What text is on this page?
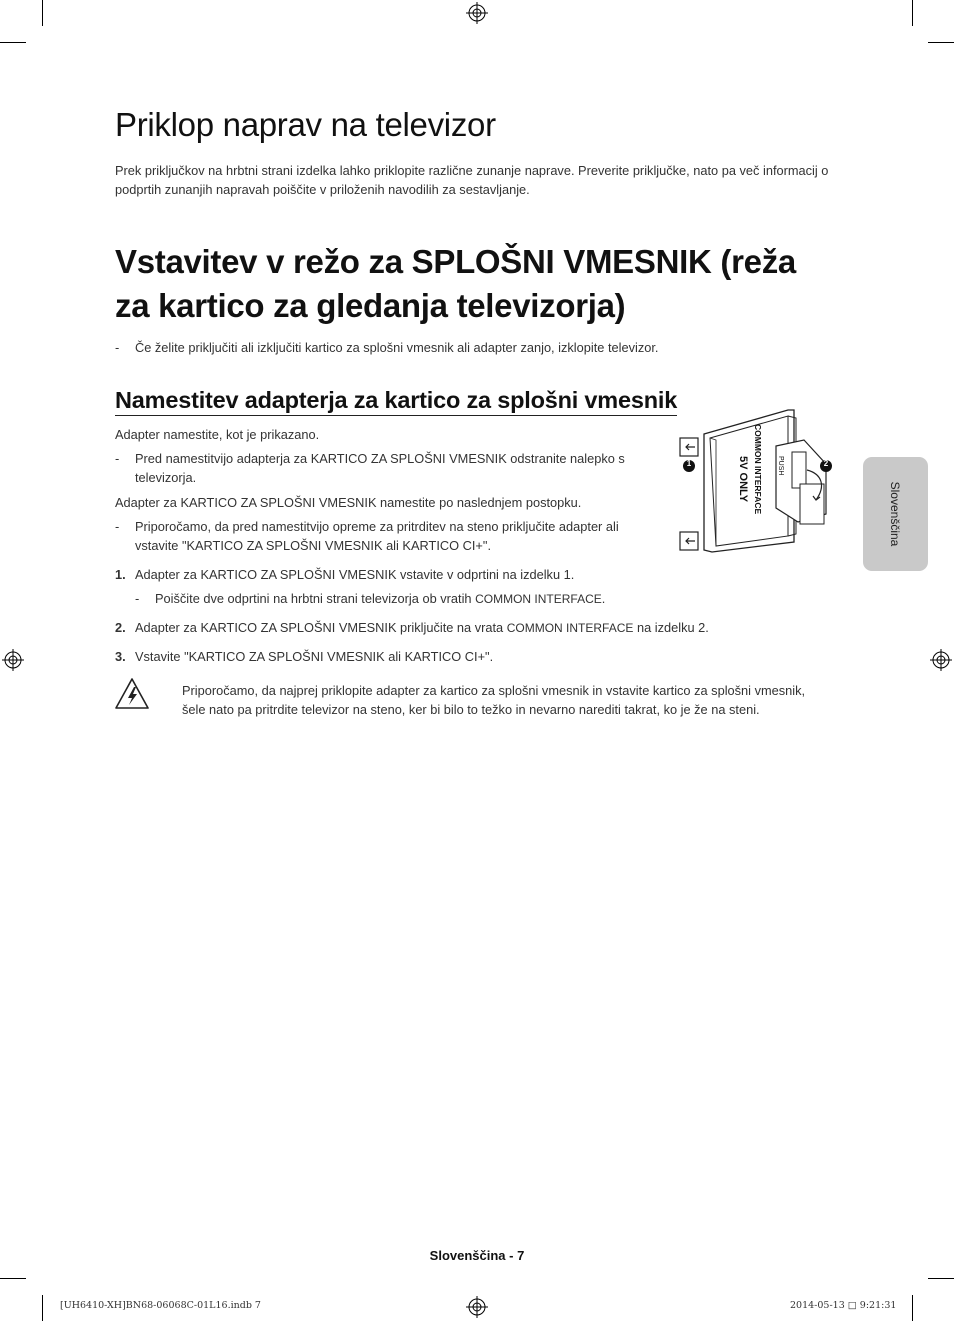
Priklop naprav na televizor
Prek priključkov na hrbtni strani izdelka lahko priklopite različne zunanje naprave. Preverite priključke, nato pa več informacij o podprtih zunanjih napravah poiščite v priloženih navodilih za sestavljanje.
Vstavitev v režo za SPLOŠNI VMESNIK (reža za kartico za gledanja televizorja)
- Če želite priključiti ali izključiti kartico za splošni vmesnik ali adapter zanjo, izklopite televizor.
Namestitev adapterja za kartico za splošni vmesnik
Adapter namestite, kot je prikazano.
- Pred namestitvijo adapterja za KARTICO ZA SPLOŠNI VMESNIK odstranite nalepko s televizorja.
Adapter za KARTICO ZA SPLOŠNI VMESNIK namestite po naslednjem postopku.
- Priporočamo, da pred namestitvijo opreme za pritrditev na steno priključite adapter ali vstavite "KARTICO ZA SPLOŠNI VMESNIK ali KARTICO CI+".
1. Adapter za KARTICO ZA SPLOŠNI VMESNIK vstavite v odprtini na izdelku 1.
- Poiščite dve odprtini na hrbtni strani televizorja ob vratih COMMON INTERFACE.
2. Adapter za KARTICO ZA SPLOŠNI VMESNIK priključite na vrata COMMON INTERFACE na izdelku 2.
3. Vstavite "KARTICO ZA SPLOŠNI VMESNIK ali KARTICO CI+".
Priporočamo, da najprej priklopite adapter za kartico za splošni vmesnik in vstavite kartico za splošni vmesnik, šele nato pa pritrdite televizor na steno, ker bi bilo to težko in nevarno narediti takrat, ko je že na steni.
COMMON INTERFACE PUSH
5V ONLY
1	2
Slovenščina
Slovenščina - 7
[UH6410-XH]BN68-06068C-01L16.indb 7	2014-05-13 □ 9:21:31
